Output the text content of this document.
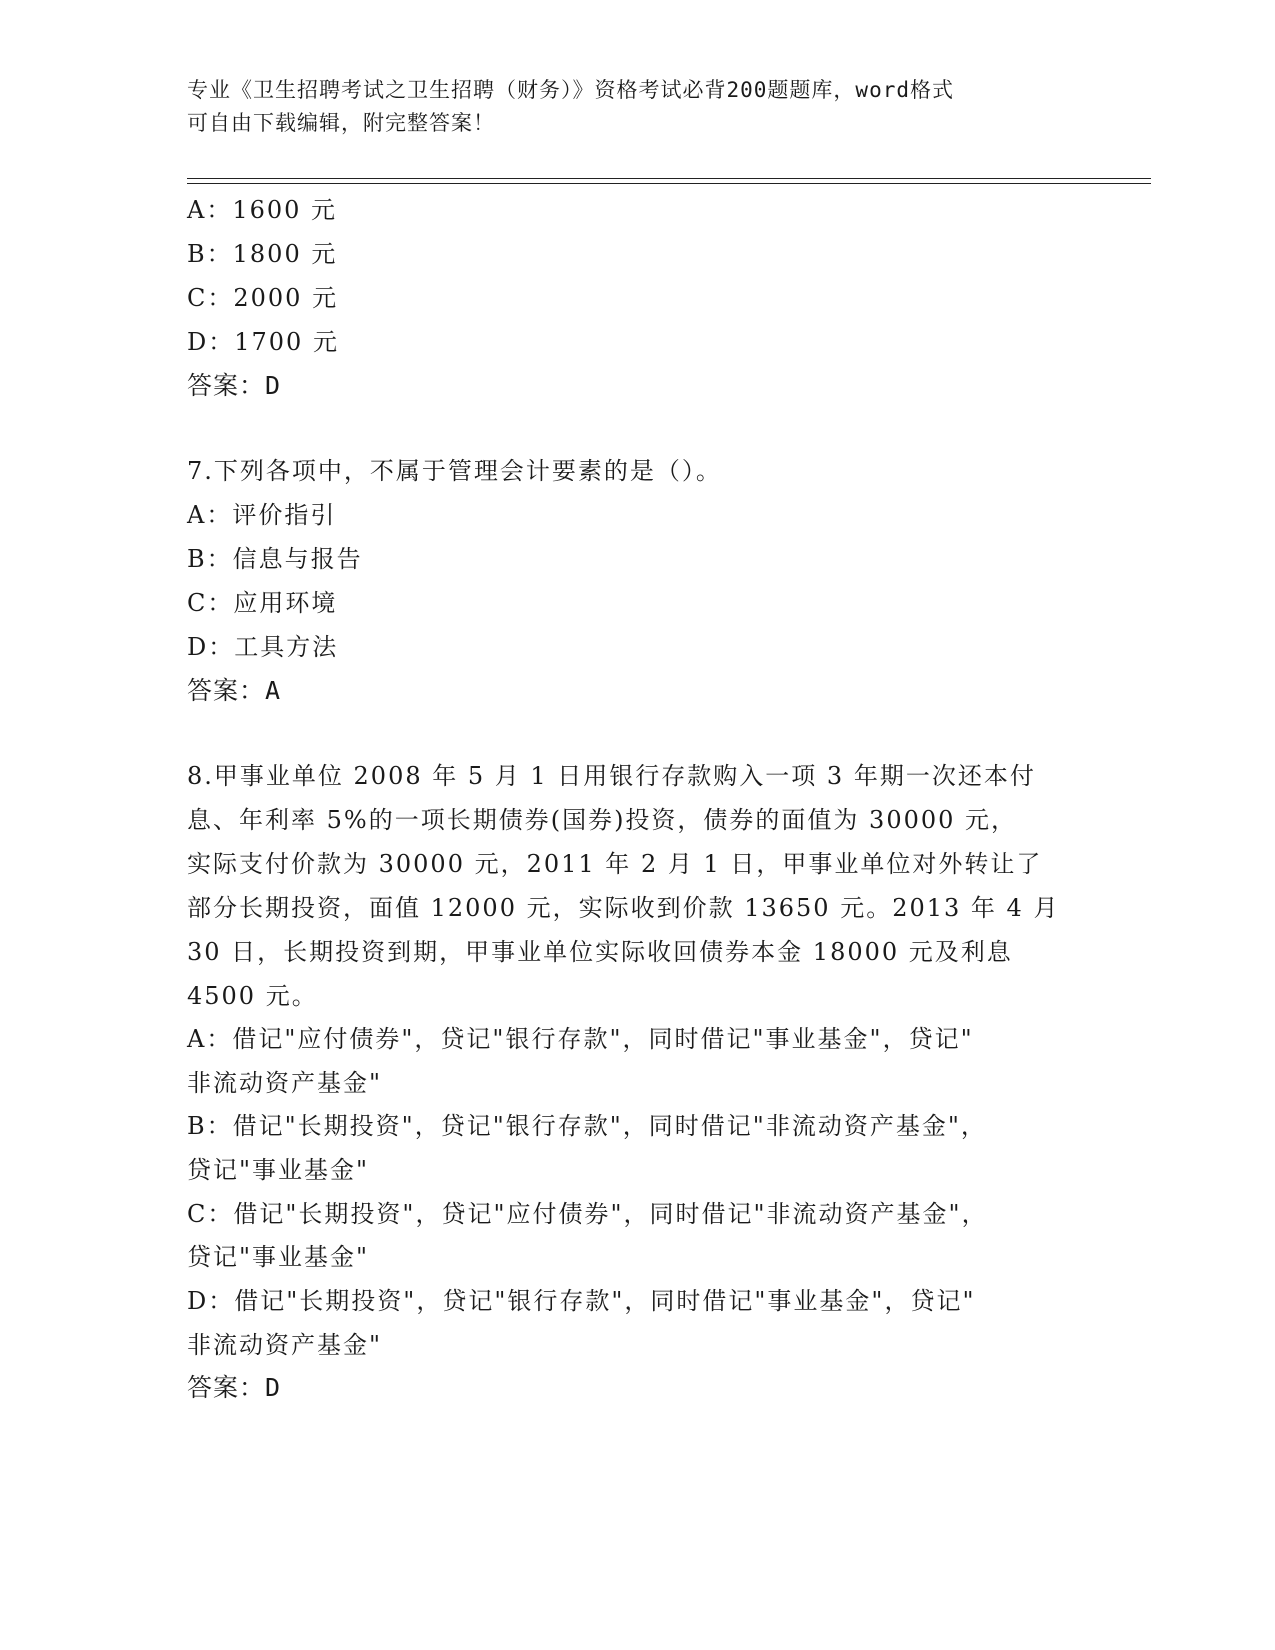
专业《卫生招聘考试之卫生招聘（财务）》资格考试必背200题题库，word格式

可自由下载编辑，附完整答案！

A：1600 元
B：1800 元
C：2000 元
D：1700 元
答案：D
7.下列各项中，不属于管理会计要素的是（）。
A：评价指引
B：信息与报告
C：应用环境
D：工具方法
答案：A
8.甲事业单位 2008 年 5 月 1 日用银行存款购入一项 3 年期一次还本付
息、年利率 5%的一项长期债券(国券)投资，债券的面值为 30000 元，
实际支付价款为 30000 元，2011 年 2 月 1 日，甲事业单位对外转让了
部分长期投资，面值 12000 元，实际收到价款 13650 元。2013 年 4 月
30 日，长期投资到期，甲事业单位实际收回债券本金 18000 元及利息
4500 元。
A：借记"应付债券"，贷记"银行存款"，同时借记"事业基金"，贷记"
非流动资产基金"
B：借记"长期投资"，贷记"银行存款"，同时借记"非流动资产基金"，
贷记"事业基金"
C：借记"长期投资"，贷记"应付债券"，同时借记"非流动资产基金"，
贷记"事业基金"
D：借记"长期投资"，贷记"银行存款"，同时借记"事业基金"，贷记"
非流动资产基金"
答案：D
